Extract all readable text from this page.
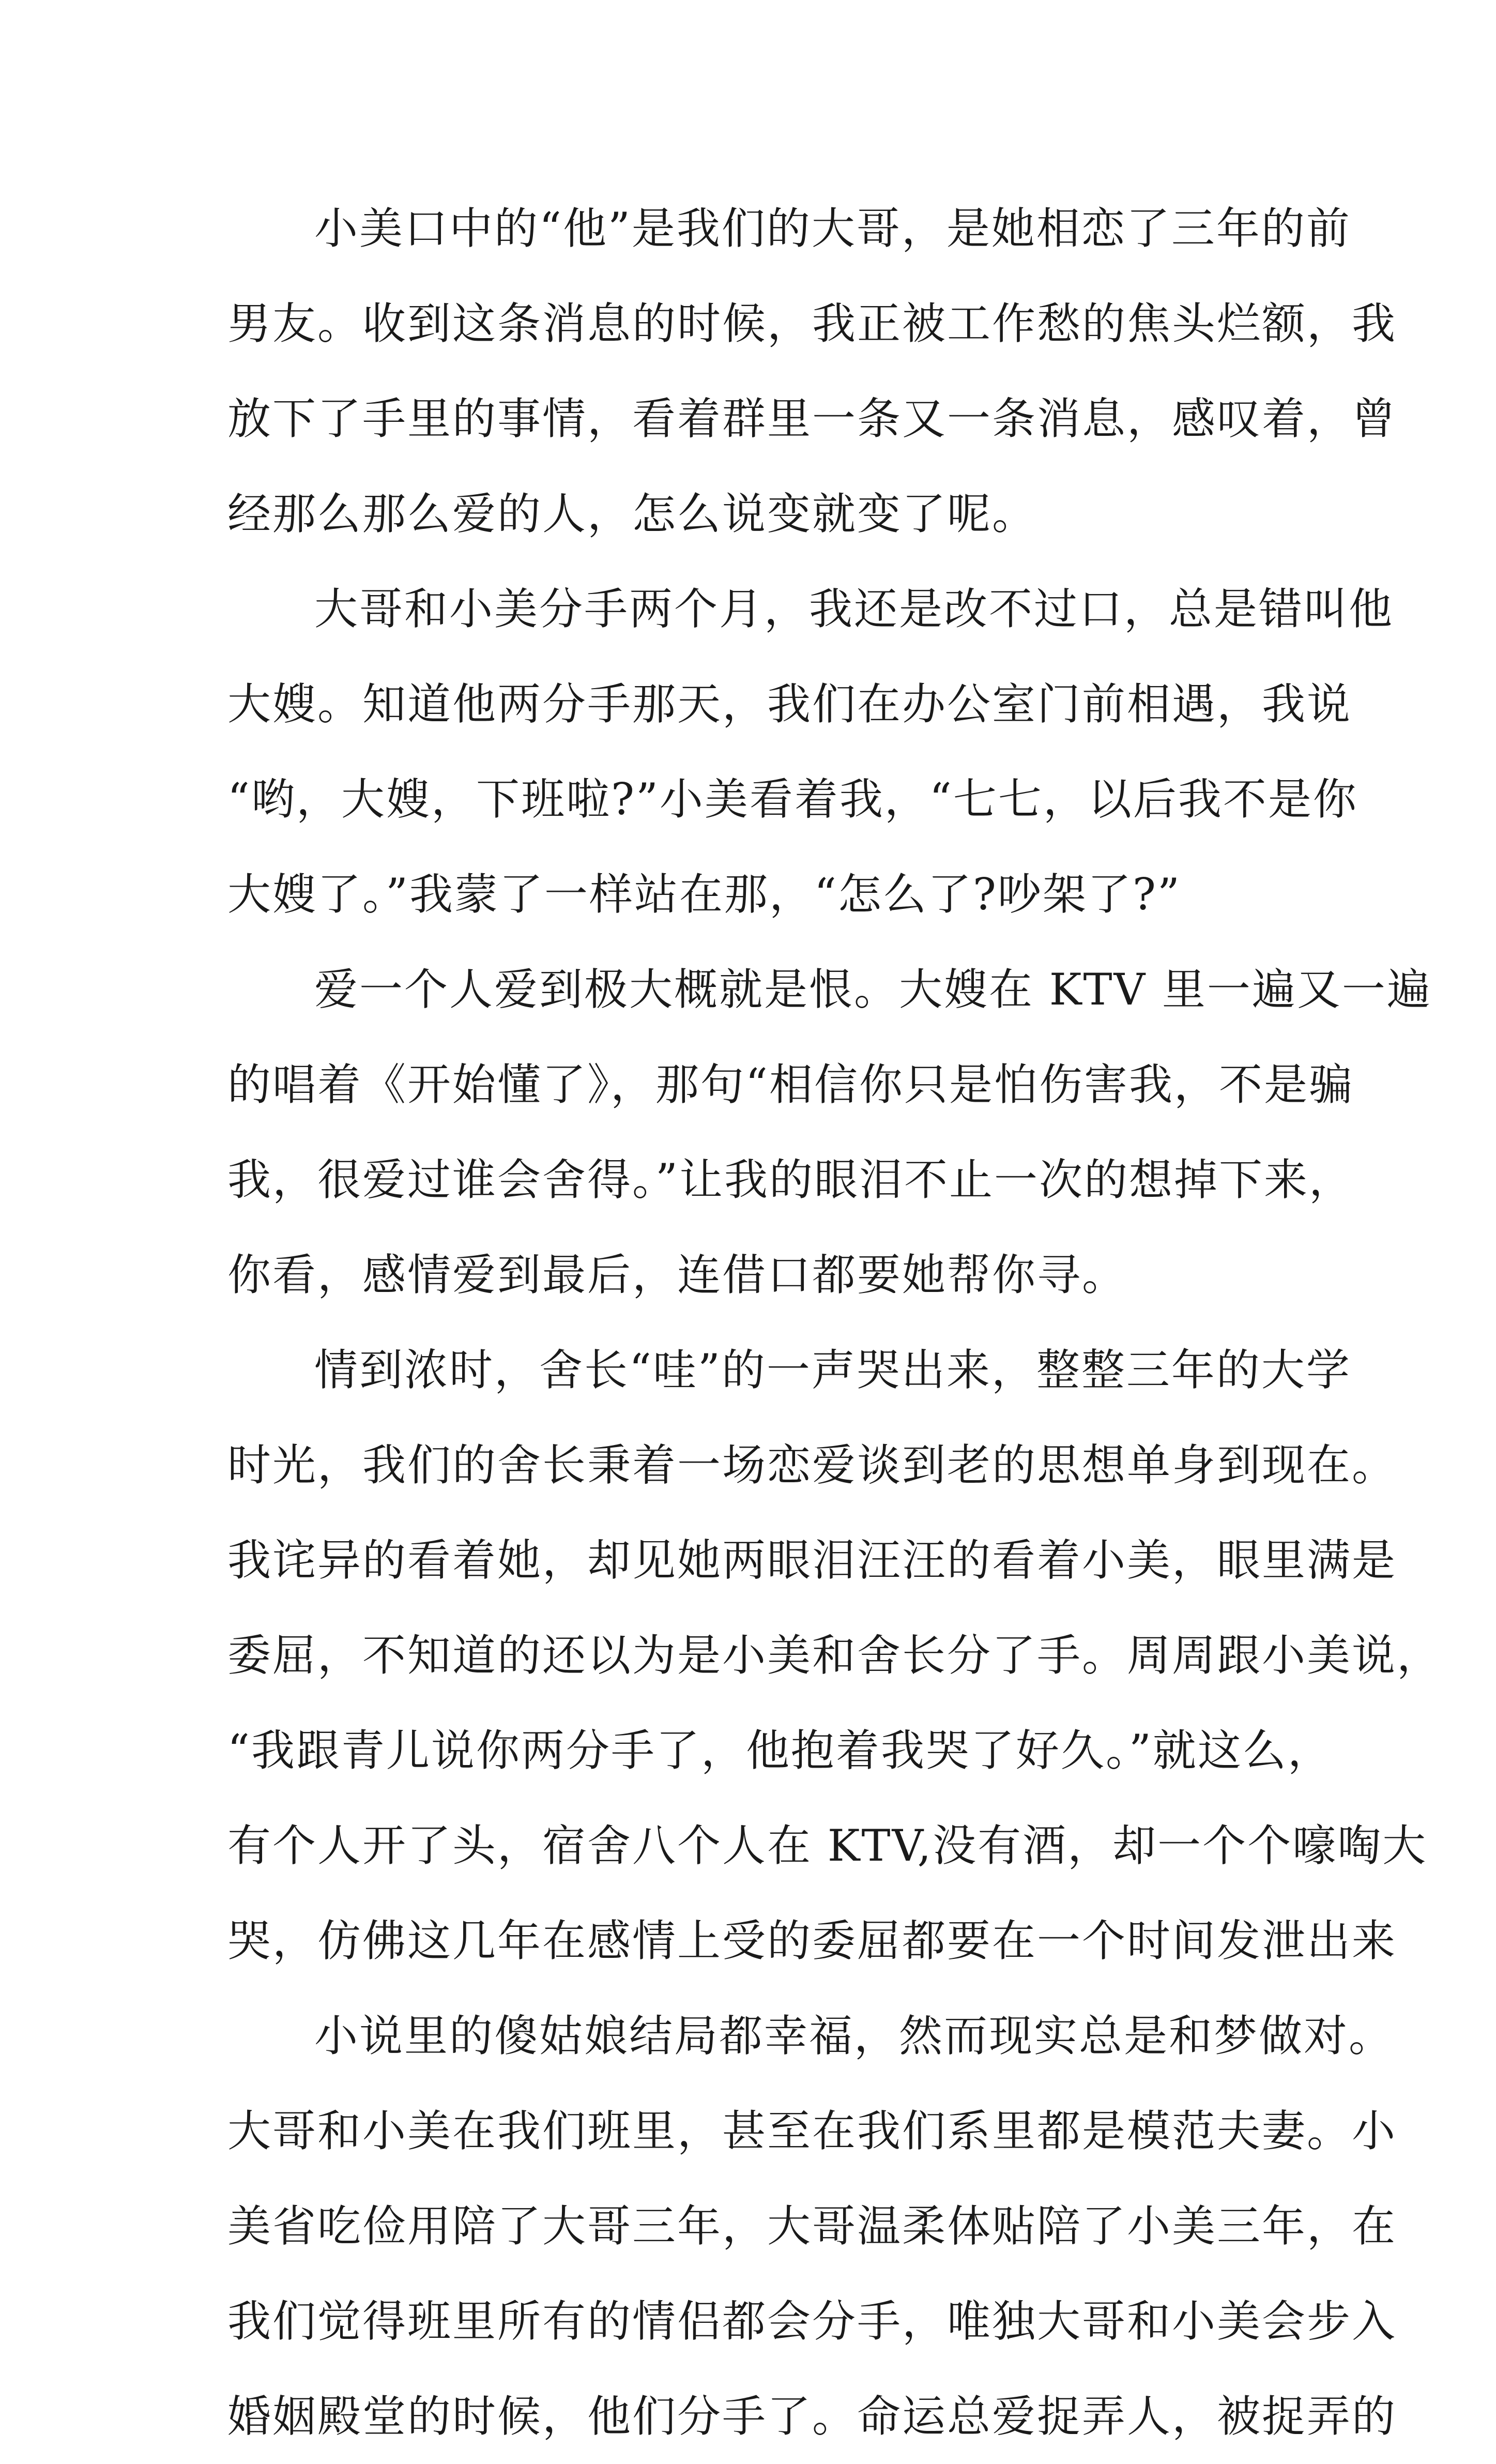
小美口中的“他”是我们的大哥，是她相恋了三年的前
男友。收到这条消息的时候，我正被工作愁的焦头烂额，我
放下了手里的事情，看着群里一条又一条消息，感叹着，曾
经那么那么爱的人，怎么说变就变了呢。
大哥和小美分手两个月，我还是改不过口，总是错叫他
大嫂。知道他两分手那天，我们在办公室门前相遇，我说
“哟，大嫂，下班啦?”小美看着我，“七七，以后我不是你
大嫂了。”我蒙了一样站在那，“怎么了?吵架了?”
爱一个人爱到极大概就是恨。大嫂在 KTV 里一遍又一遍
的唱着《开始懂了》，那句“相信你只是怕伤害我，不是骗
我，很爱过谁会舍得。”让我的眼泪不止一次的想掉下来，
你看，感情爱到最后，连借口都要她帮你寻。
情到浓时，舍长“哇”的一声哭出来，整整三年的大学
时光，我们的舍长秉着一场恋爱谈到老的思想单身到现在。
我诧异的看着她，却见她两眼泪汪汪的看着小美，眼里满是
委屈，不知道的还以为是小美和舍长分了手。周周跟小美说，
“我跟青儿说你两分手了，他抱着我哭了好久。”就这么，
有个人开了头，宿舍八个人在 KTV,没有酒，却一个个嚎啕大
哭，仿佛这几年在感情上受的委屈都要在一个时间发泄出来
小说里的傻姑娘结局都幸福，然而现实总是和梦做对。
大哥和小美在我们班里，甚至在我们系里都是模范夫妻。小
美省吃俭用陪了大哥三年，大哥温柔体贴陪了小美三年，在
我们觉得班里所有的情侣都会分手，唯独大哥和小美会步入
婚姻殿堂的时候，他们分手了。命运总爱捉弄人，被捉弄的
